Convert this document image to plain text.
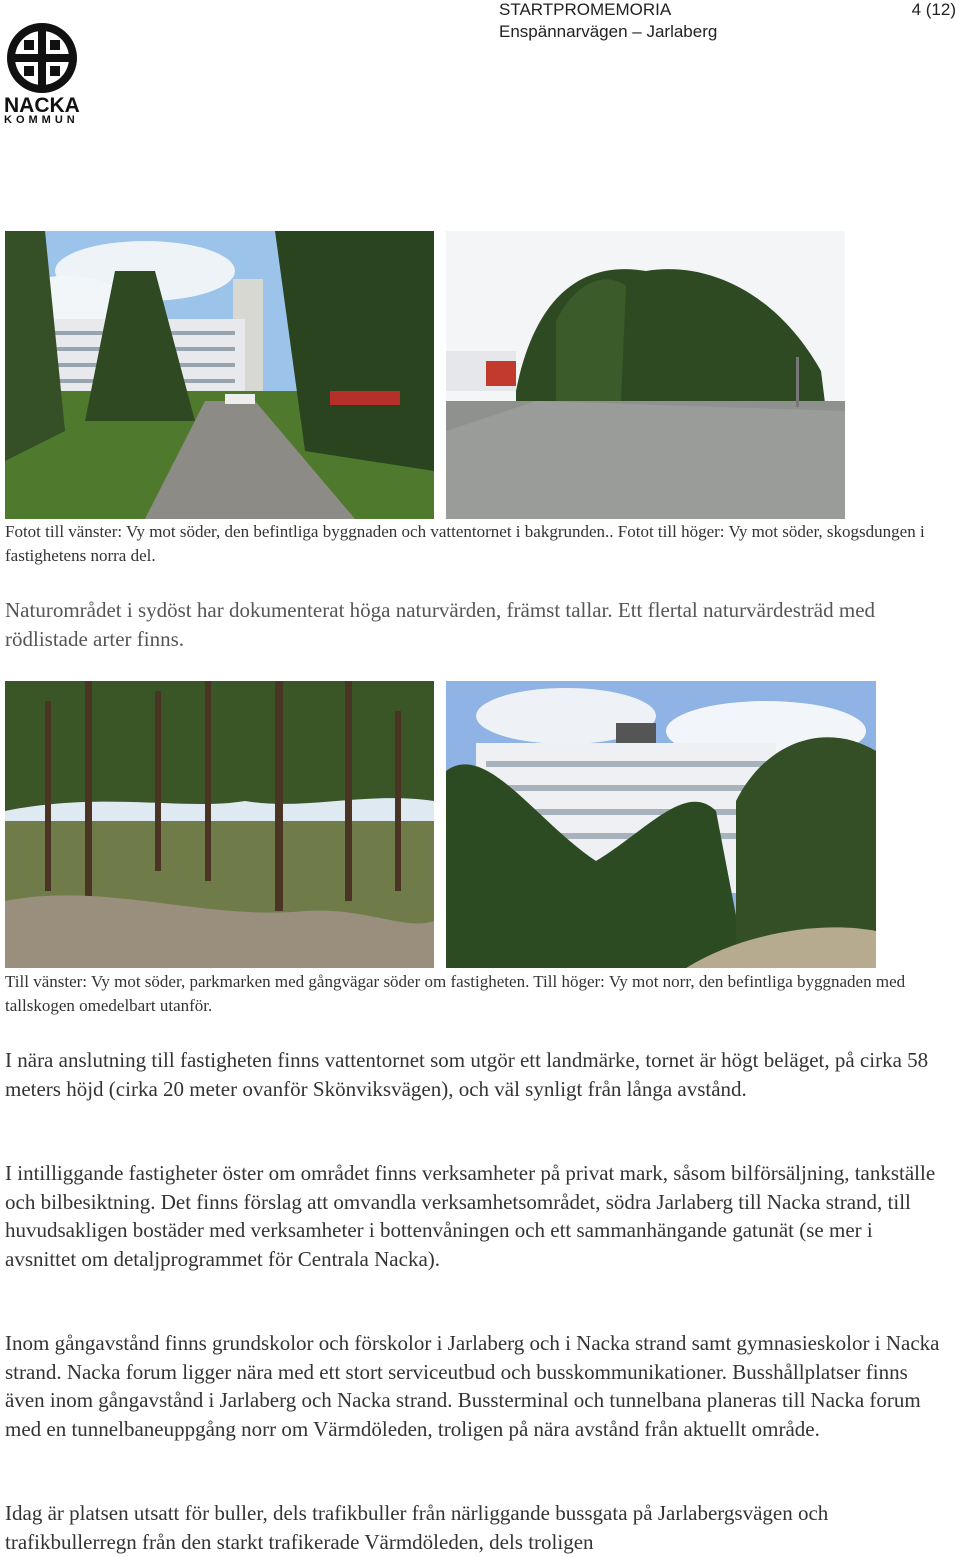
NACKA
KOMMUN
STARTPROMEMORIA
Enspännarvägen – Jarlaberg
4 (12)
Fotot till vänster: Vy mot söder, den befintliga byggnaden och vattentornet i bakgrunden.. Fotot till höger: Vy mot söder, skogsdungen i fastighetens norra del.
Naturområdet i sydöst har dokumenterat höga naturvärden, främst tallar. Ett flertal naturvärdesträd med rödlistade arter finns.
Till vänster: Vy mot söder, parkmarken med gångvägar söder om fastigheten. Till höger: Vy mot norr, den befintliga byggnaden med tallskogen omedelbart utanför.
I nära anslutning till fastigheten finns vattentornet som utgör ett landmärke, tornet är högt beläget, på cirka 58 meters höjd (cirka 20 meter ovanför Skönviksvägen), och väl synligt från långa avstånd.
I intilliggande fastigheter öster om området finns verksamheter på privat mark, såsom bilförsäljning, tankställe och bilbesiktning. Det finns förslag att omvandla verksamhetsområdet, södra Jarlaberg till Nacka strand, till huvudsakligen bostäder med verksamheter i bottenvåningen och ett sammanhängande gatunät (se mer i avsnittet om detaljprogrammet för Centrala Nacka).
Inom gångavstånd finns grundskolor och förskolor i Jarlaberg och i Nacka strand samt gymnasieskolor i Nacka strand. Nacka forum ligger nära med ett stort serviceutbud och busskommunikationer. Busshållplatser finns även inom gångavstånd i Jarlaberg och Nacka strand. Bussterminal och tunnelbana planeras till Nacka forum med en tunnelbaneuppgång norr om Värmdöleden, troligen på nära avstånd från aktuellt område.
Idag är platsen utsatt för buller, dels trafikbuller från närliggande bussgata på Jarlabergsvägen och trafikbullerregn från den starkt trafikerade Värmdöleden, dels troligen
